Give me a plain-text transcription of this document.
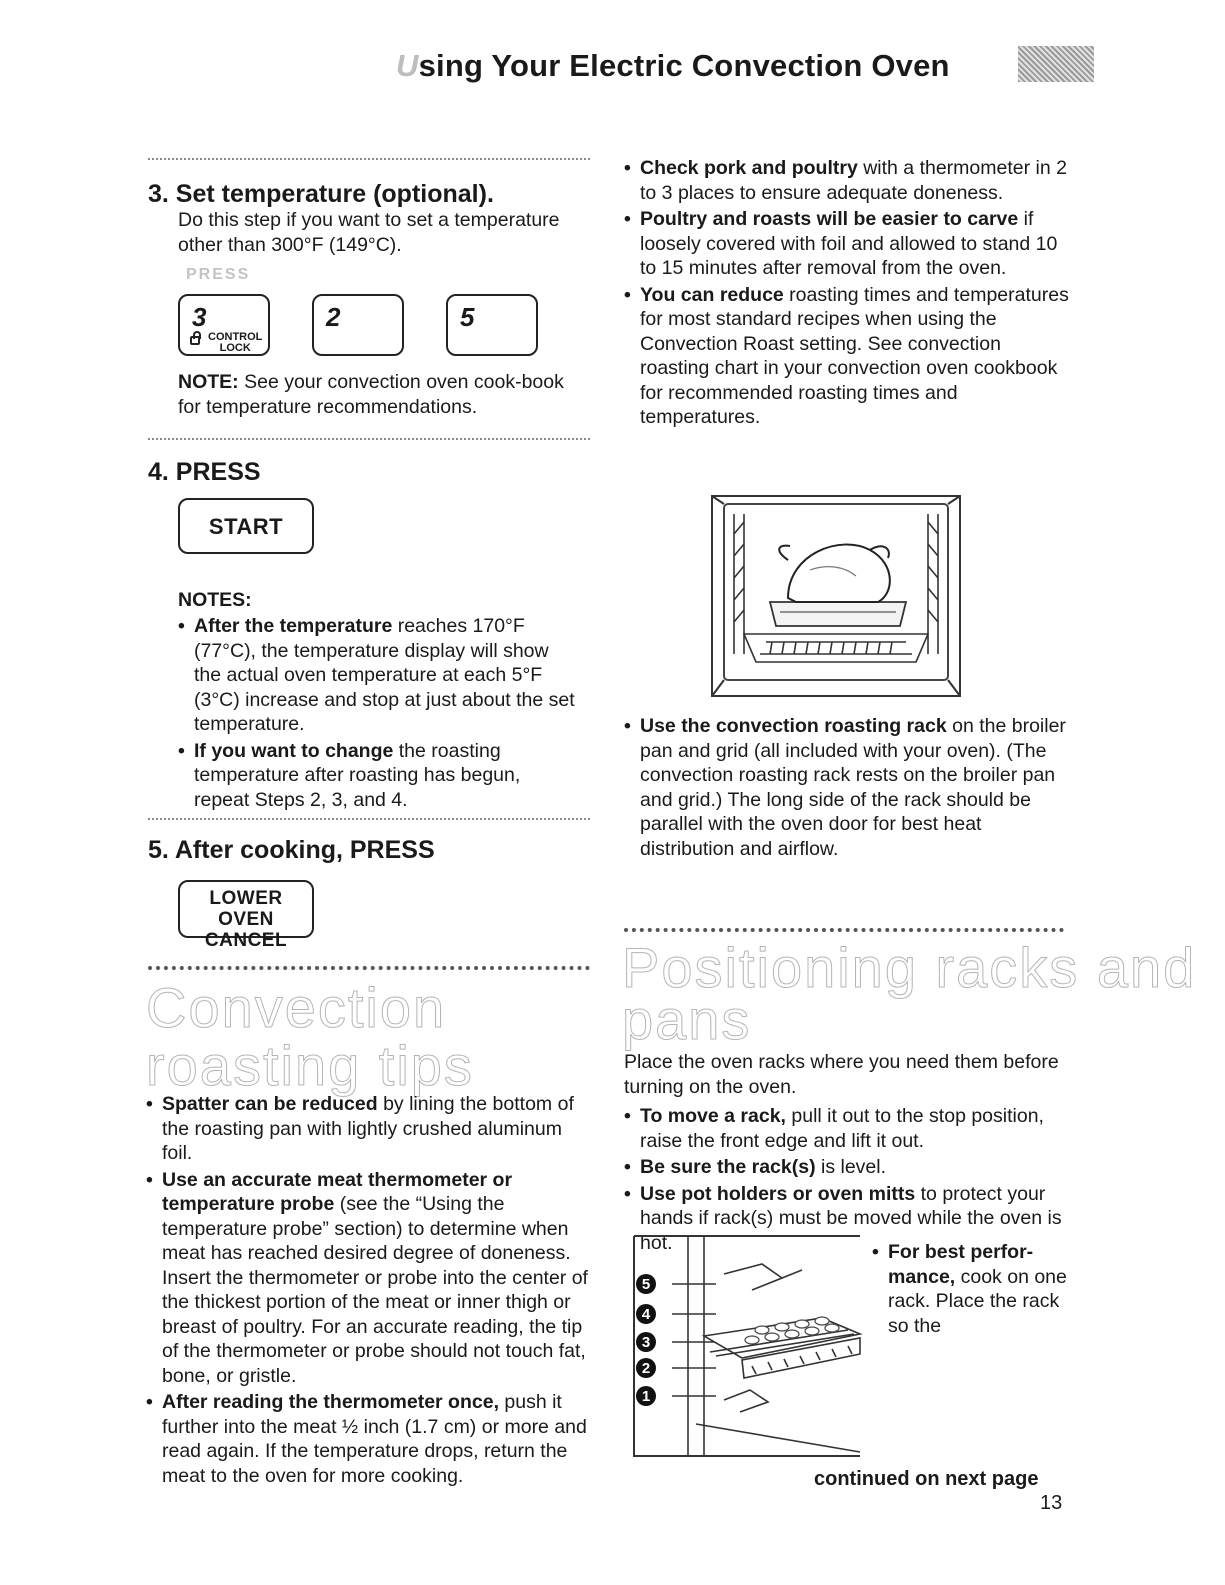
Using Your Electric Convection Oven
3. Set temperature (optional).
Do this step if you want to set a temperature other than 300°F (149°C).
PRESS
3
CONTROL
LOCK
2	5
NOTE: See your convection oven cook-book for temperature recommendations.
4. PRESS
START
NOTES:
• After the temperature reaches 170°F (77°C), the temperature display will show the actual oven temperature at each 5°F (3°C) increase and stop at just about the set temperature.
• If you want to change the roasting temperature after roasting has begun, repeat Steps 2, 3, and 4.
5. After cooking, PRESS
LOWER OVEN
CANCEL
Convection
roasting tips
• Spatter can be reduced by lining the bottom of the roasting pan with lightly crushed aluminum foil.
• Use an accurate meat thermometer or temperature probe (see the “Using the temperature probe” section) to determine when meat has reached desired degree of doneness. Insert the thermometer or probe into the center of the thickest portion of the meat or inner thigh or breast of poultry. For an accurate reading, the tip of the thermometer or probe should not touch fat, bone, or gristle.
• After reading the thermometer once, push it further into the meat ½ inch (1.7 cm) or more and read again. If the temperature drops, return the meat to the oven for more cooking.
• Check pork and poultry with a thermometer in 2 to 3 places to ensure adequate doneness.
• Poultry and roasts will be easier to carve if loosely covered with foil and allowed to stand 10 to 15 minutes after removal from the oven.
• You can reduce roasting times and temperatures for most standard recipes when using the Convection Roast setting. See convection roasting chart in your convection oven cookbook for recommended roasting times and temperatures.
• Use the convection roasting rack on the broiler pan and grid (all included with your oven). (The convection roasting rack rests on the broiler pan and grid.) The long side of the rack should be parallel with the oven door for best heat distribution and airflow.
Positioning racks and
pans
Place the oven racks where you need them before turning on the oven.
• To move a rack, pull it out to the stop position, raise the front edge and lift it out.
• Be sure the rack(s) is level.
• Use pot holders or oven mitts to protect your hands if rack(s) must be moved while the oven is hot.
5
4
3
2
1
• For best perfor-mance, cook on one rack. Place the rack so the
continued on next page
13
